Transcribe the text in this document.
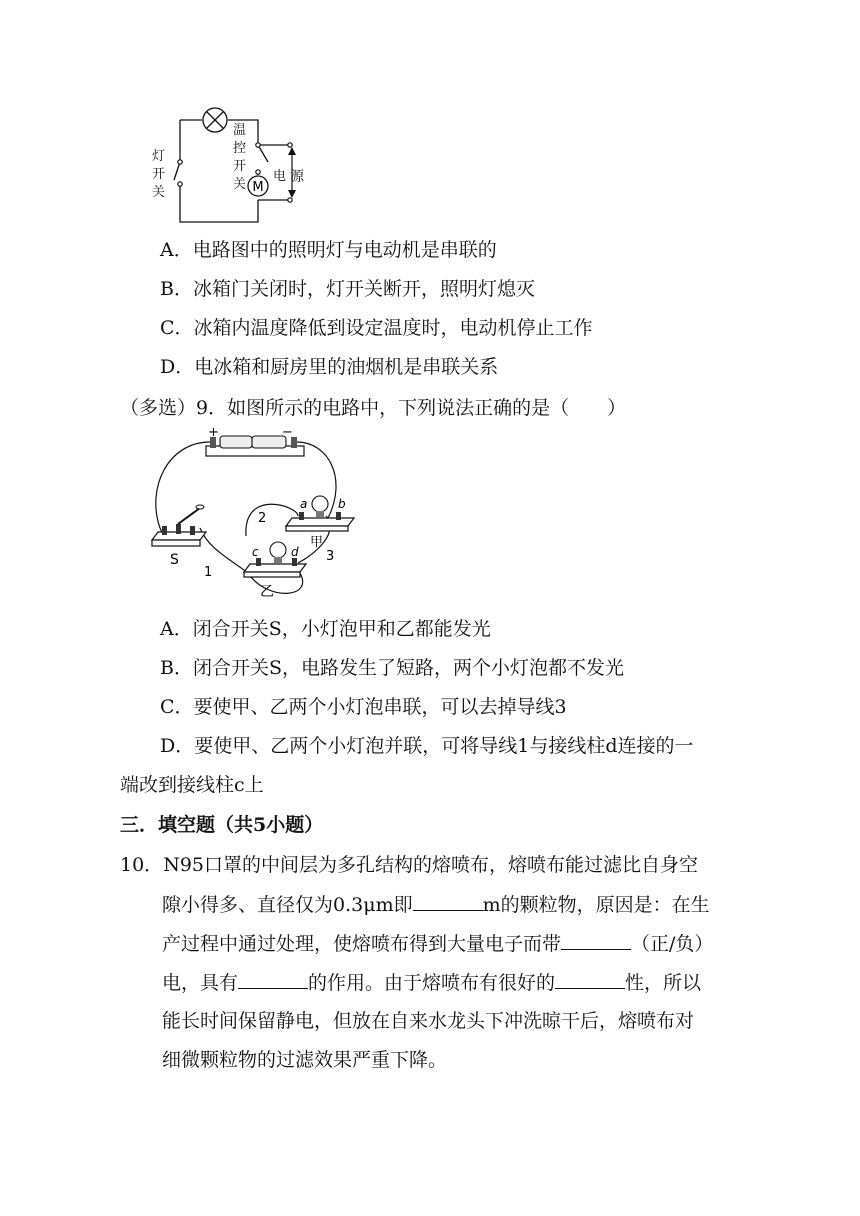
M
灯
开
关
温
控
开
关
电 源
A．电路图中的照明灯与电动机是串联的
B．冰箱门关闭时，灯开关断开，照明灯熄灭
C．冰箱内温度降低到设定温度时，电动机停止工作
D．电冰箱和厨房里的油烟机是串联关系
（多选）9．如图所示的电路中，下列说法正确的是（　　）
+	−
S
a	b
甲
c	d
乙
1
2
3
A．闭合开关S，小灯泡甲和乙都能发光
B．闭合开关S，电路发生了短路，两个小灯泡都不发光
C．要使甲、乙两个小灯泡串联，可以去掉导线3
D．要使甲、乙两个小灯泡并联，可将导线1与接线柱d连接的一
端改到接线柱c上
三．填空题（共5小题）
10．N95口罩的中间层为多孔结构的熔喷布，熔喷布能过滤比自身空
隙小得多、直径仅为0.3μm即	m的颗粒物，原因是：在生
产过程中通过处理，使熔喷布得到大量电子而带	（正/负）
电，具有	的作用。由于熔喷布有很好的	性，所以
能长时间保留静电，但放在自来水龙头下冲洗晾干后，熔喷布对
细微颗粒物的过滤效果严重下降。
